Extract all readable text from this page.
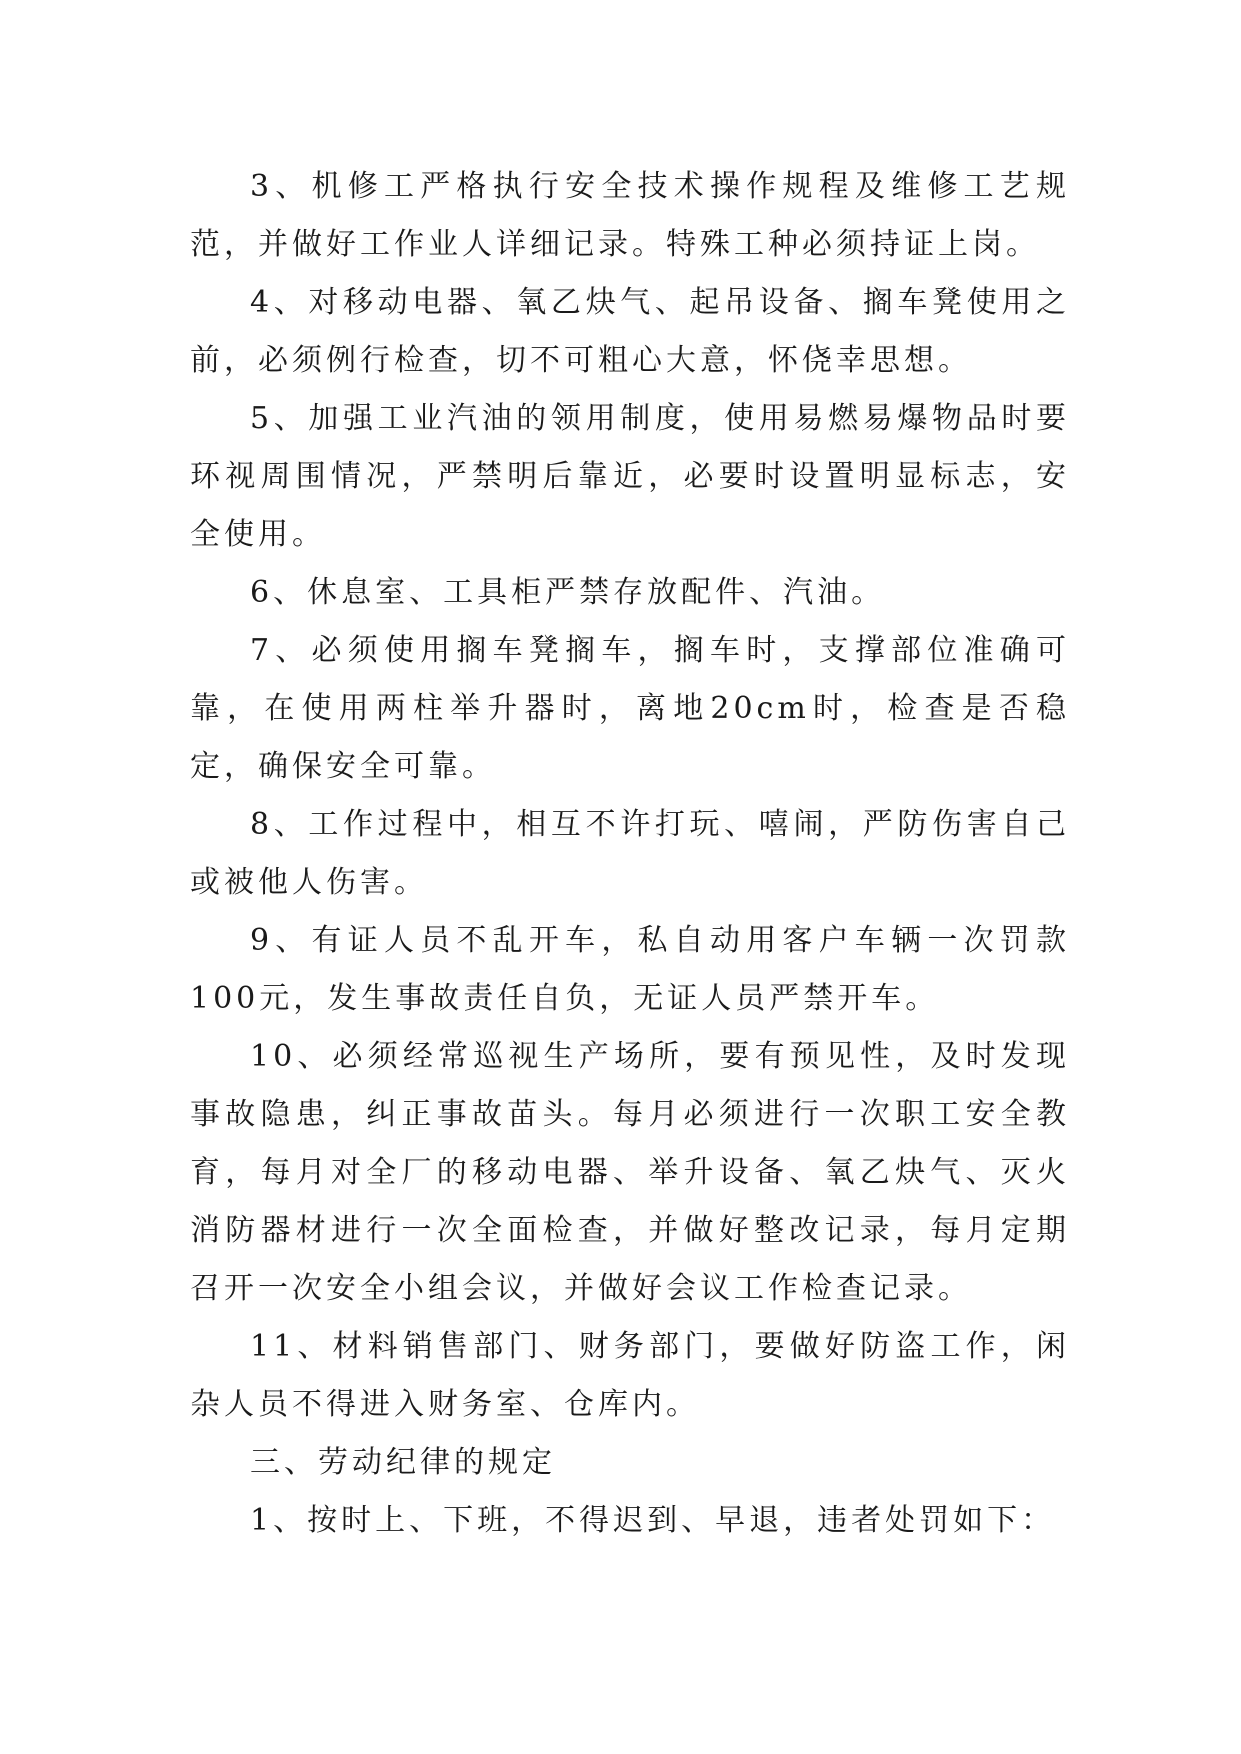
3、机修工严格执行安全技术操作规程及维修工艺规范，并做好工作业人详细记录。特殊工种必须持证上岗。

4、对移动电器、氧乙炔气、起吊设备、搁车凳使用之前，必须例行检查，切不可粗心大意，怀侥幸思想。

5、加强工业汽油的领用制度，使用易燃易爆物品时要环视周围情况，严禁明后靠近，必要时设置明显标志，安全使用。

6、休息室、工具柜严禁存放配件、汽油。

7、必须使用搁车凳搁车，搁车时，支撑部位准确可靠，在使用两柱举升器时，离地20cm时，检查是否稳定，确保安全可靠。

8、工作过程中，相互不许打玩、嘻闹，严防伤害自己或被他人伤害。

9、有证人员不乱开车，私自动用客户车辆一次罚款100元，发生事故责任自负，无证人员严禁开车。

10、必须经常巡视生产场所，要有预见性，及时发现事故隐患，纠正事故苗头。每月必须进行一次职工安全教育，每月对全厂的移动电器、举升设备、氧乙炔气、灭火消防器材进行一次全面检查，并做好整改记录，每月定期召开一次安全小组会议，并做好会议工作检查记录。

11、材料销售部门、财务部门，要做好防盗工作，闲杂人员不得进入财务室、仓库内。

三、劳动纪律的规定

1、按时上、下班，不得迟到、早退，违者处罚如下：
